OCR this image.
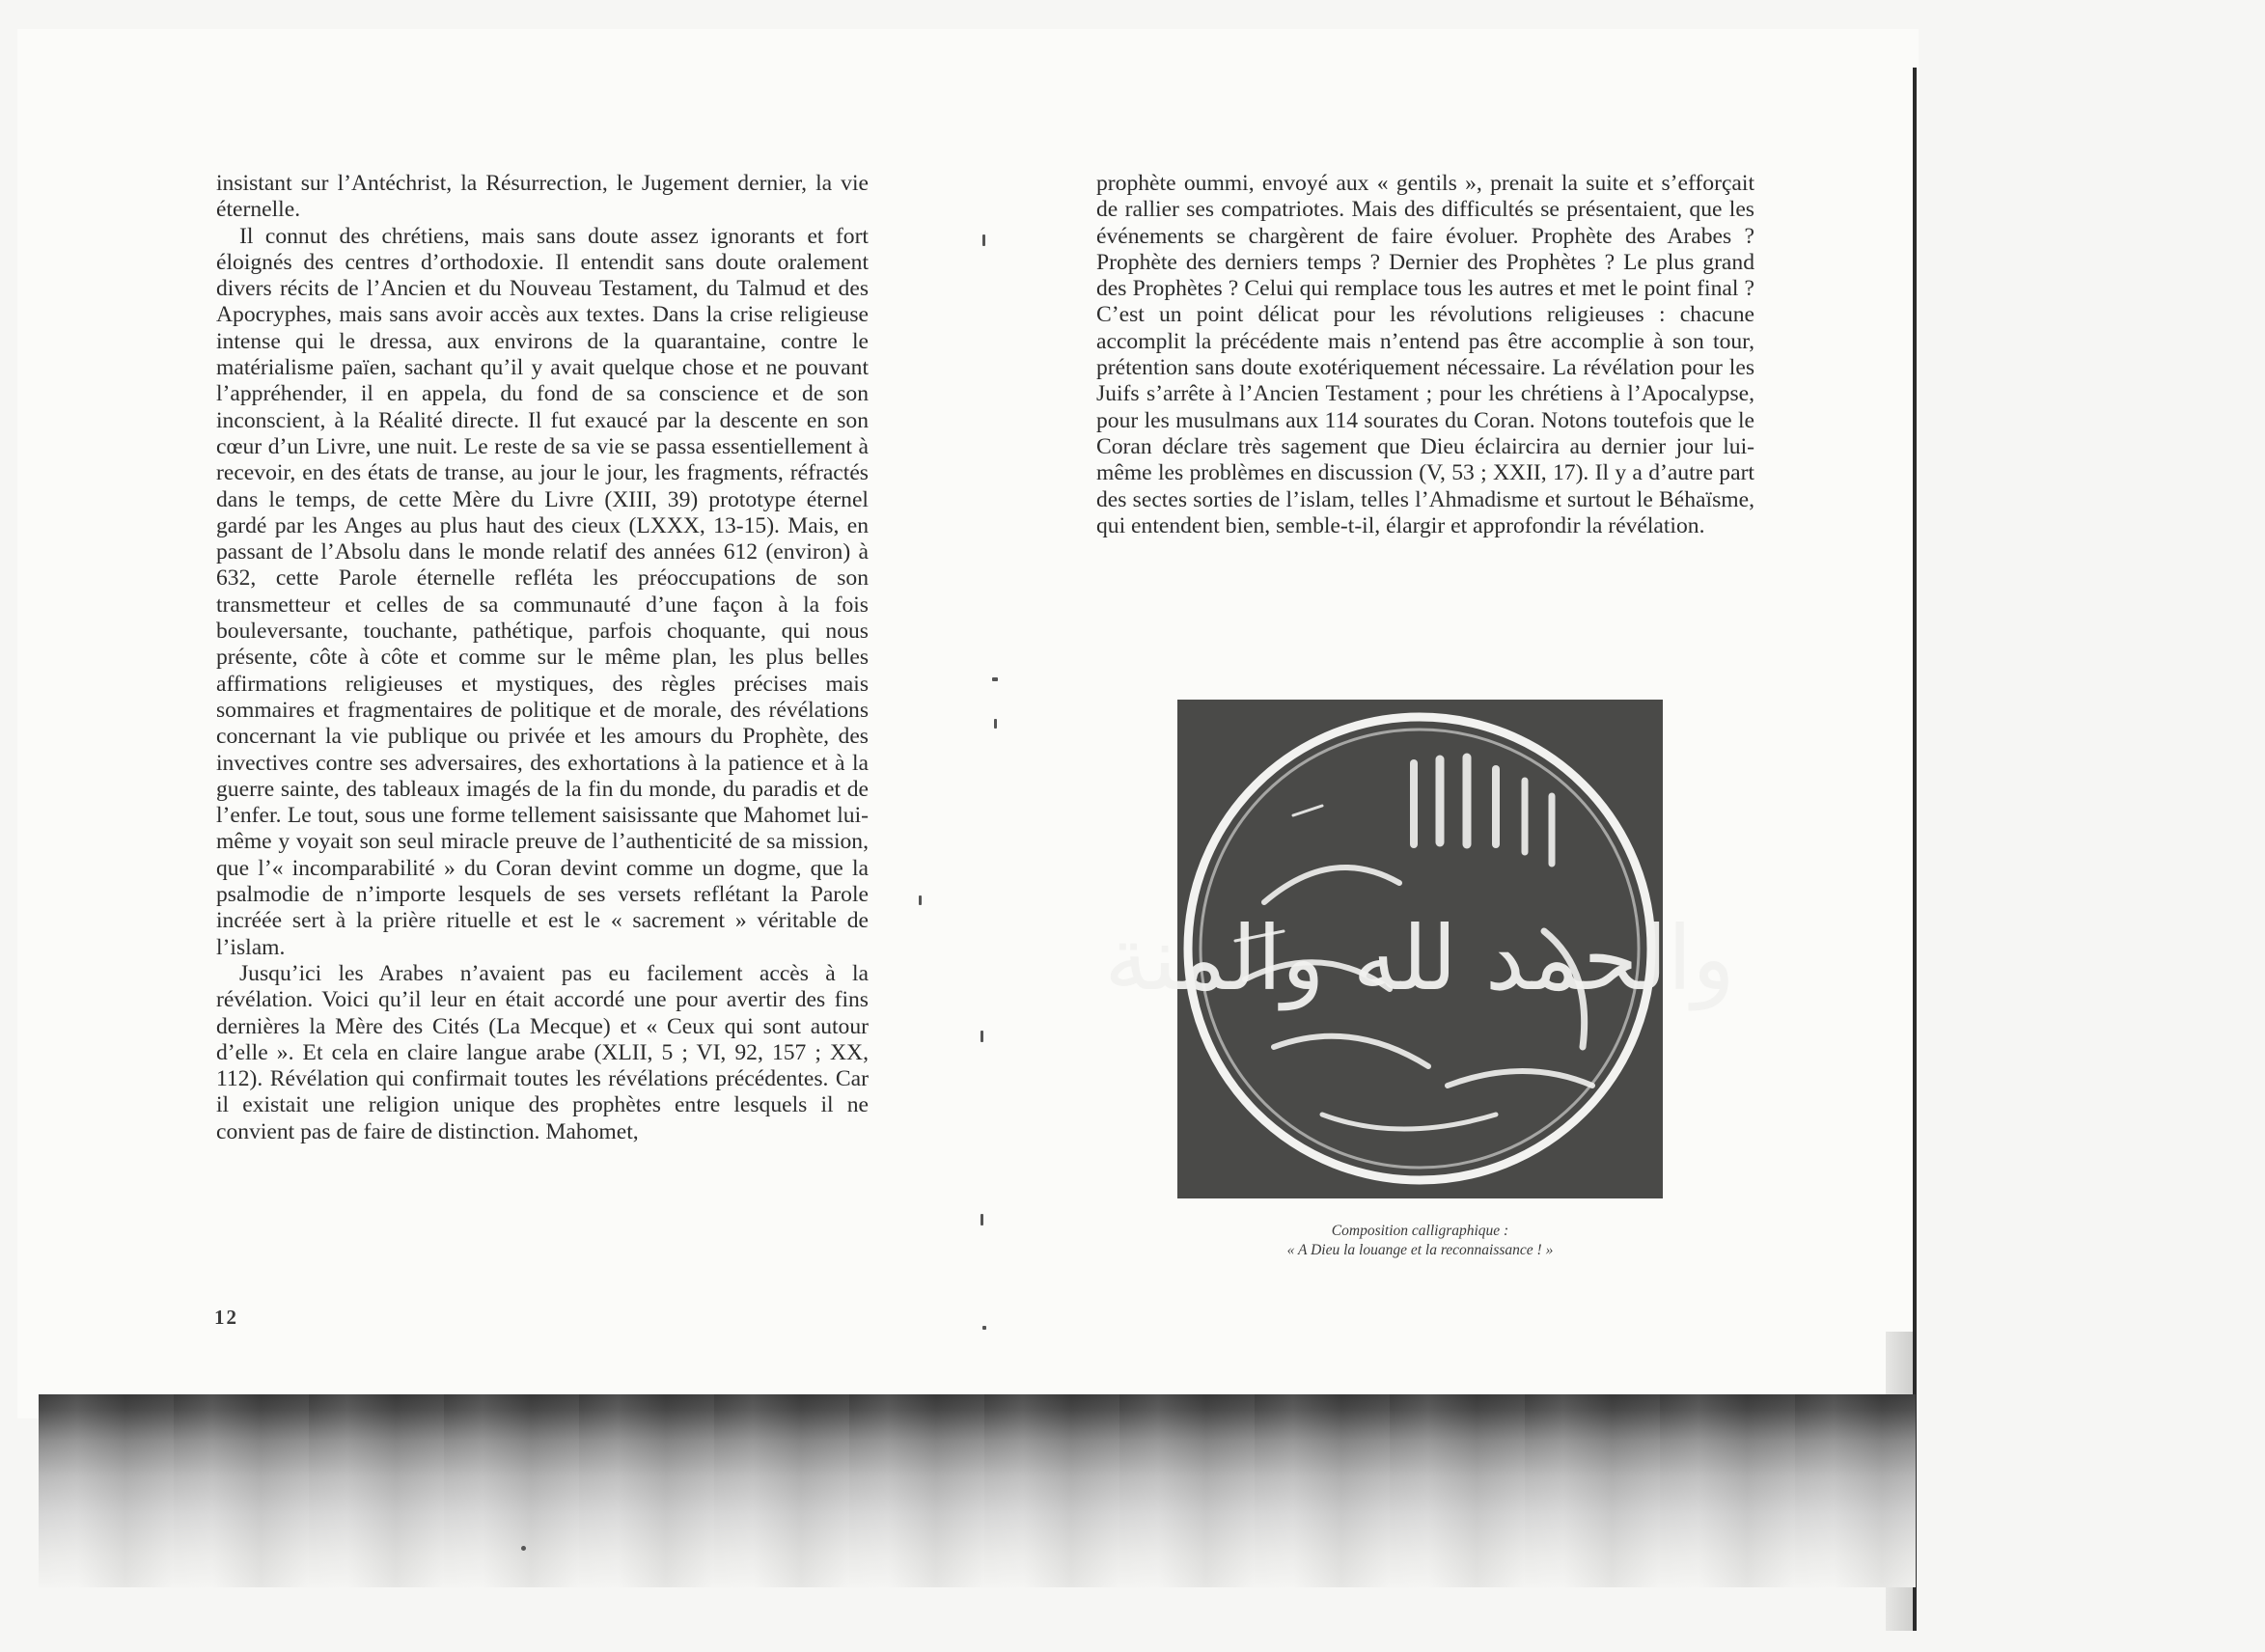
insistant sur l’Antéchrist, la Résurrection, le Jugement dernier, la vie éternelle.

Il connut des chrétiens, mais sans doute assez ignorants et fort éloignés des centres d’orthodoxie. Il entendit sans doute oralement divers récits de l’Ancien et du Nouveau Testament, du Talmud et des Apocryphes, mais sans avoir accès aux textes. Dans la crise religieuse intense qui le dressa, aux environs de la quarantaine, contre le matérialisme païen, sachant qu’il y avait quelque chose et ne pouvant l’appréhender, il en appela, du fond de sa conscience et de son inconscient, à la Réalité directe. Il fut exaucé par la descente en son cœur d’un Livre, une nuit. Le reste de sa vie se passa essentiellement à recevoir, en des états de transe, au jour le jour, les fragments, réfractés dans le temps, de cette Mère du Livre (XIII, 39) prototype éternel gardé par les Anges au plus haut des cieux (LXXX, 13-15). Mais, en passant de l’Absolu dans le monde relatif des années 612 (environ) à 632, cette Parole éternelle refléta les préoccupations de son transmetteur et celles de sa communauté d’une façon à la fois bouleversante, touchante, pathétique, parfois choquante, qui nous présente, côte à côte et comme sur le même plan, les plus belles affirmations religieuses et mystiques, des règles précises mais sommaires et fragmentaires de politique et de morale, des révélations concernant la vie publique ou privée et les amours du Prophète, des invectives contre ses adversaires, des exhortations à la patience et à la guerre sainte, des tableaux imagés de la fin du monde, du paradis et de l’enfer. Le tout, sous une forme tellement saisissante que Mahomet lui-même y voyait son seul miracle preuve de l’authenticité de sa mission, que l’« incomparabilité » du Coran devint comme un dogme, que la psalmodie de n’importe lesquels de ses versets reflétant la Parole incréée sert à la prière rituelle et est le « sacrement » véritable de l’islam.

Jusqu’ici les Arabes n’avaient pas eu facilement accès à la révélation. Voici qu’il leur en était accordé une pour avertir des fins dernières la Mère des Cités (La Mecque) et « Ceux qui sont autour d’elle ». Et cela en claire langue arabe (XLII, 5 ; VI, 92, 157 ; XX, 112). Révélation qui confirmait toutes les révélations précédentes. Car il existait une religion unique des prophètes entre lesquels il ne convient pas de faire de distinction. Mahomet,

12

prophète oummi, envoyé aux « gentils », prenait la suite et s’efforçait de rallier ses compatriotes. Mais des difficultés se présentaient, que les événements se chargèrent de faire évoluer. Prophète des Arabes ? Prophète des derniers temps ? Dernier des Prophètes ? Le plus grand des Prophètes ? Celui qui remplace tous les autres et met le point final ? C’est un point délicat pour les révolutions religieuses : chacune accomplit la précédente mais n’entend pas être accomplie à son tour, prétention sans doute exotériquement nécessaire. La révélation pour les Juifs s’arrête à l’Ancien Testament ; pour les chrétiens à l’Apocalypse, pour les musulmans aux 114 sourates du Coran. Notons toutefois que le Coran déclare très sagement que Dieu éclaircira au dernier jour lui-même les problèmes en discussion (V, 53 ; XXII, 17). Il y a d’autre part des sectes sorties de l’islam, telles l’Ahmadisme et surtout le Béhaïsme, qui entendent bien, semble-t-il, élargir et approfondir la révélation.

والحمد لله والمنة
Composition calligraphique :
« A Dieu la louange et la reconnaissance ! »
